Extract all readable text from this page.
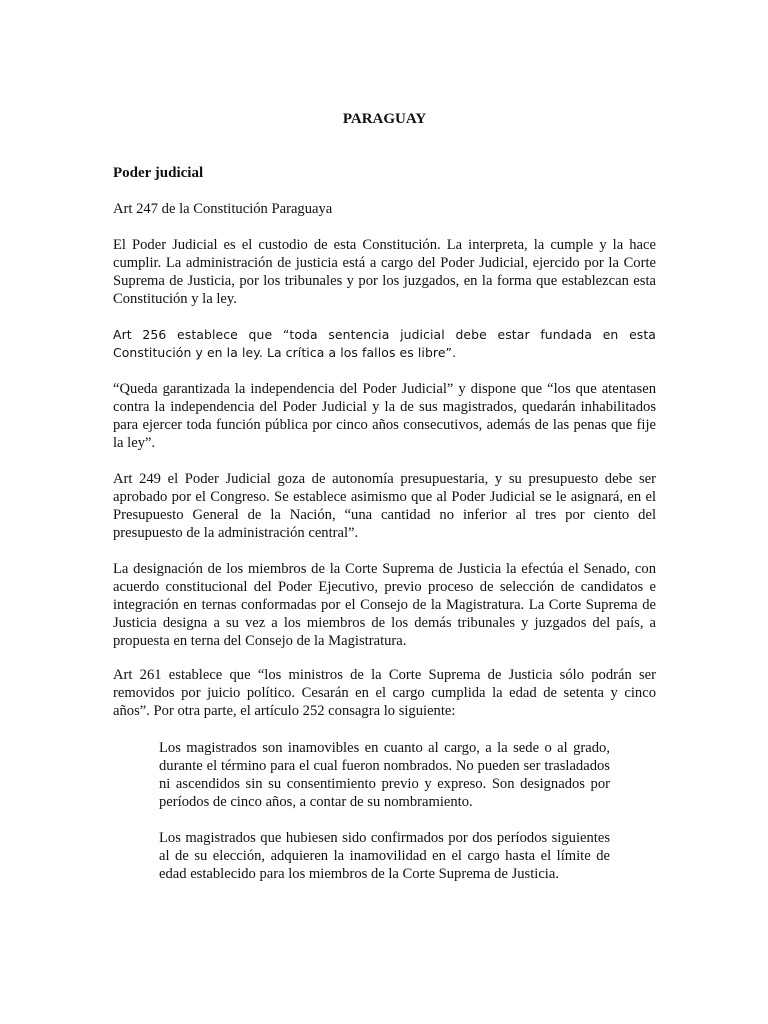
PARAGUAY
Poder judicial

Art 247 de la Constitución Paraguaya

El Poder Judicial es el custodio de esta Constitución. La interpreta, la cumple y la hace cumplir. La administración de justicia está a cargo del Poder Judicial, ejercido por la Corte Suprema de Justicia, por los tribunales y por los juzgados, en la forma que establezcan esta Constitución y la ley.

Art 256 establece que “toda sentencia judicial debe estar fundada en esta Constitución y en la ley. La crítica a los fallos es libre”.

“Queda garantizada la independencia del Poder Judicial” y dispone que “los que atentasen contra la independencia del Poder Judicial y la de sus magistrados, quedarán inhabilitados para ejercer toda función pública por cinco años consecutivos, además de las penas que fije la ley”.

Art 249 el Poder Judicial goza de autonomía presupuestaria, y su presupuesto debe ser aprobado por el Congreso. Se establece asimismo que al Poder Judicial se le asignará, en el Presupuesto General de la Nación, “una cantidad no inferior al tres por ciento del presupuesto de la administración central”.

La designación de los miembros de la Corte Suprema de Justicia la efectúa el Senado, con acuerdo constitucional del Poder Ejecutivo, previo proceso de selección de candidatos e integración en ternas conformadas por el Consejo de la Magistratura. La Corte Suprema de Justicia designa a su vez a los miembros de los demás tribunales y juzgados del país, a propuesta en terna del Consejo de la Magistratura.

Art 261 establece que “los ministros de la Corte Suprema de Justicia sólo podrán ser removidos por juicio político. Cesarán en el cargo cumplida la edad de setenta y cinco años”. Por otra parte, el artículo 252 consagra lo siguiente:

Los magistrados son inamovibles en cuanto al cargo, a la sede o al grado, durante el término para el cual fueron nombrados. No pueden ser trasladados ni ascendidos sin su consentimiento previo y expreso. Son designados por períodos de cinco años, a contar de su nombramiento.

Los magistrados que hubiesen sido confirmados por dos períodos siguientes al de su elección, adquieren la inamovilidad en el cargo hasta el límite de edad establecido para los miembros de la Corte Suprema de Justicia.
